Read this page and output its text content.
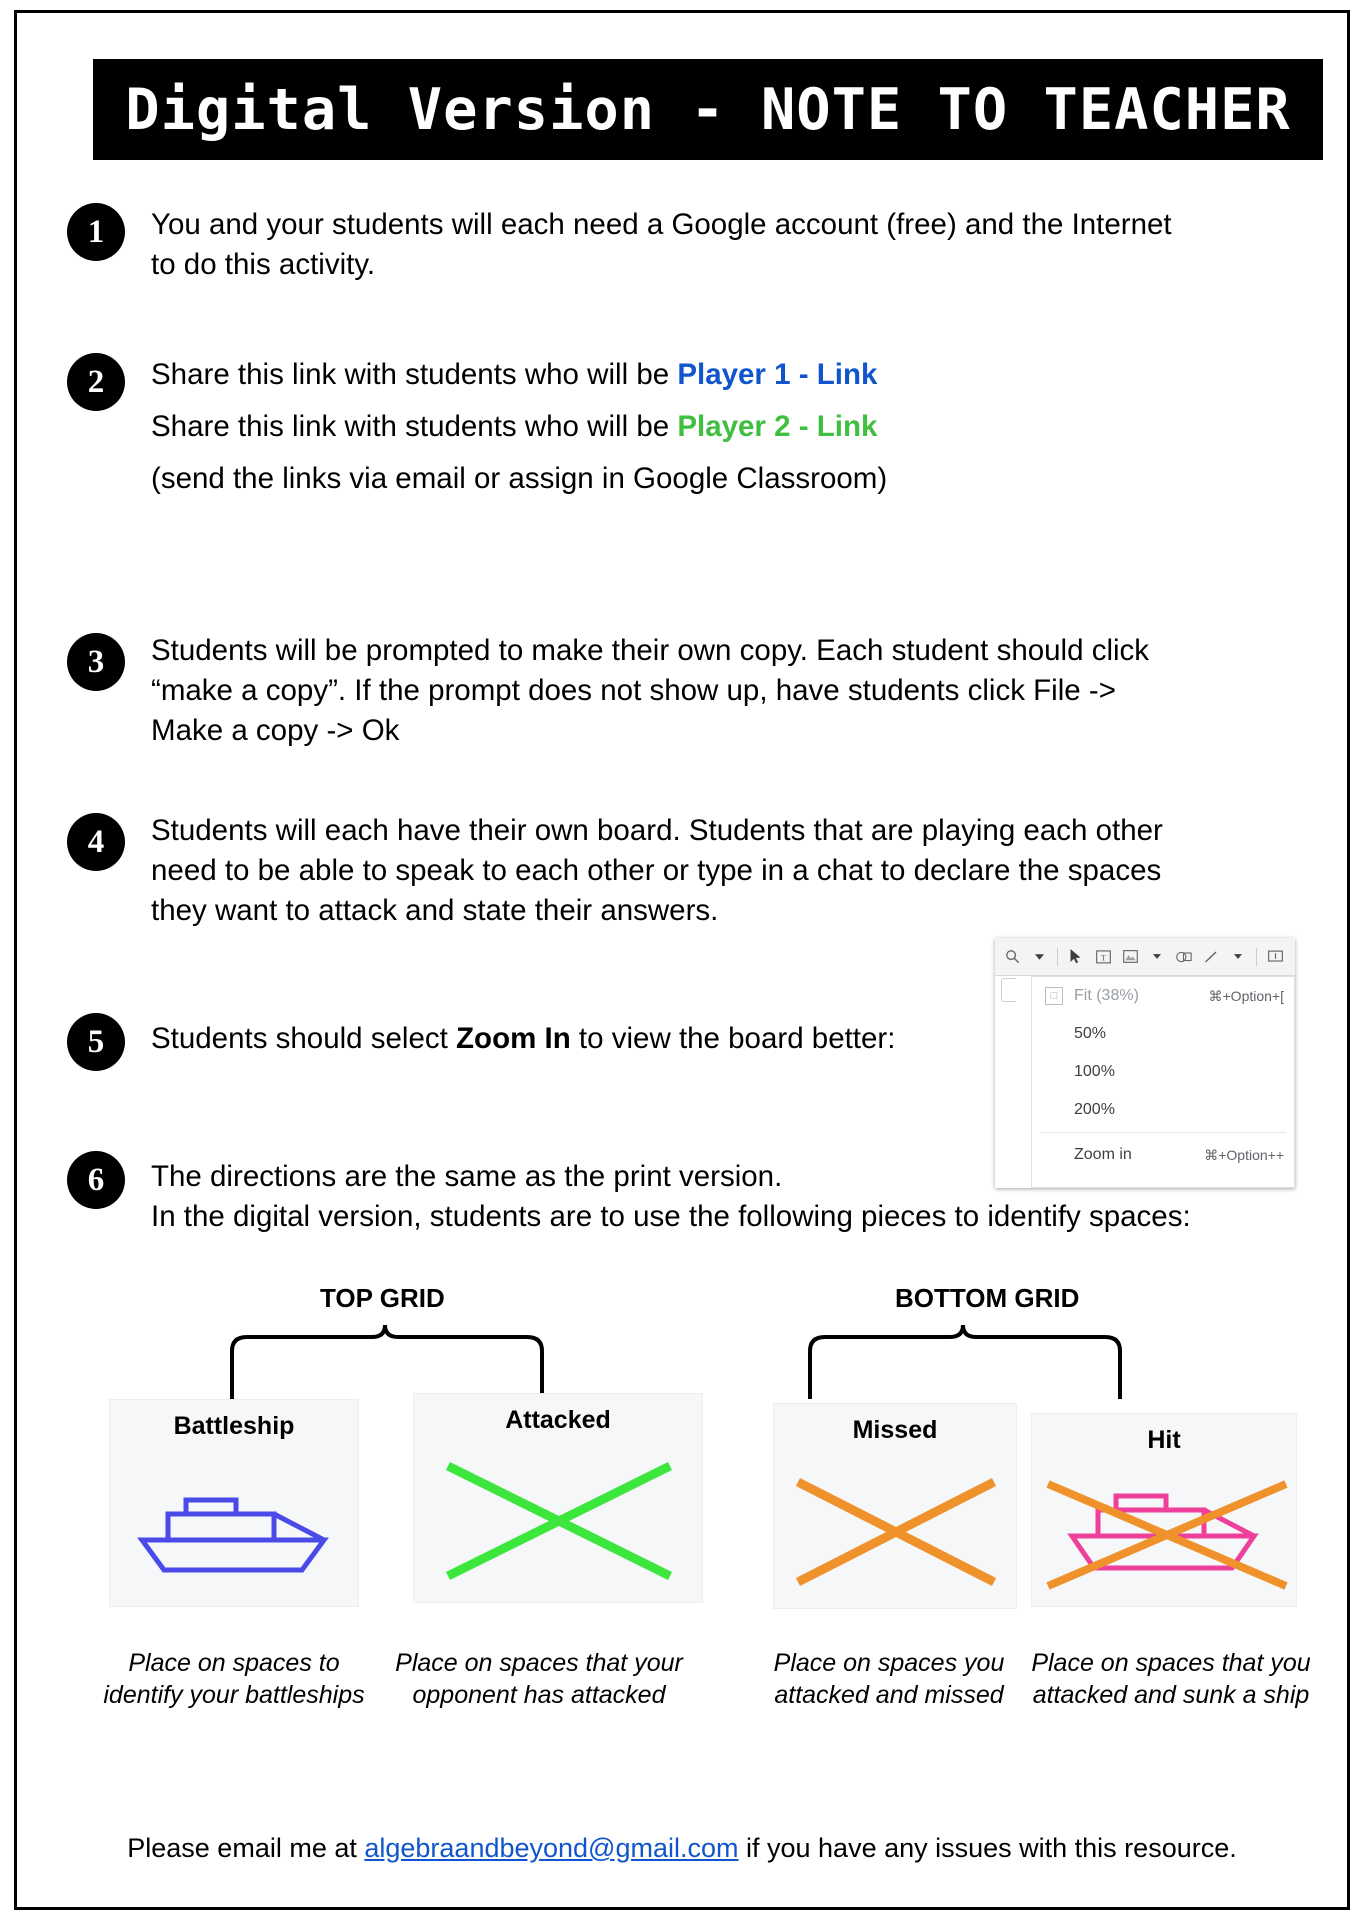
Digital Version - NOTE TO TEACHER
1	You and your students will each need a Google account (free) and the Internet
to do this activity.
2	Share this link with students who will be Player 1 - Link
Share this link with students who will be Player 2 - Link
(send the links via email or assign in Google Classroom)
3	Students will be prompted to make their own copy. Each student should click
“make a copy”. If the prompt does not show up, have students click File ->
Make a copy -> Ok
4	Students will each have their own board. Students that are playing each other
need to be able to speak to each other or type in a chat to declare the spaces
they want to attack and state their answers.
5	Students should select Zoom In to view the board better:
T
□	Fit (38%)	⌘+Option+[
50%
100%
200%
Zoom in	⌘+Option++
6	The directions are the same as the print version.
In the digital version, students are to use the following pieces to identify spaces:
TOP GRID	BOTTOM GRID
Battleship
Place on spaces to identify your battleships
Attacked
Place on spaces that your opponent has attacked
Missed
Place on spaces you attacked and missed
Hit
Place on spaces that you attacked and sunk a ship
Please email me at algebraandbeyond@gmail.com if you have any issues with this resource.
